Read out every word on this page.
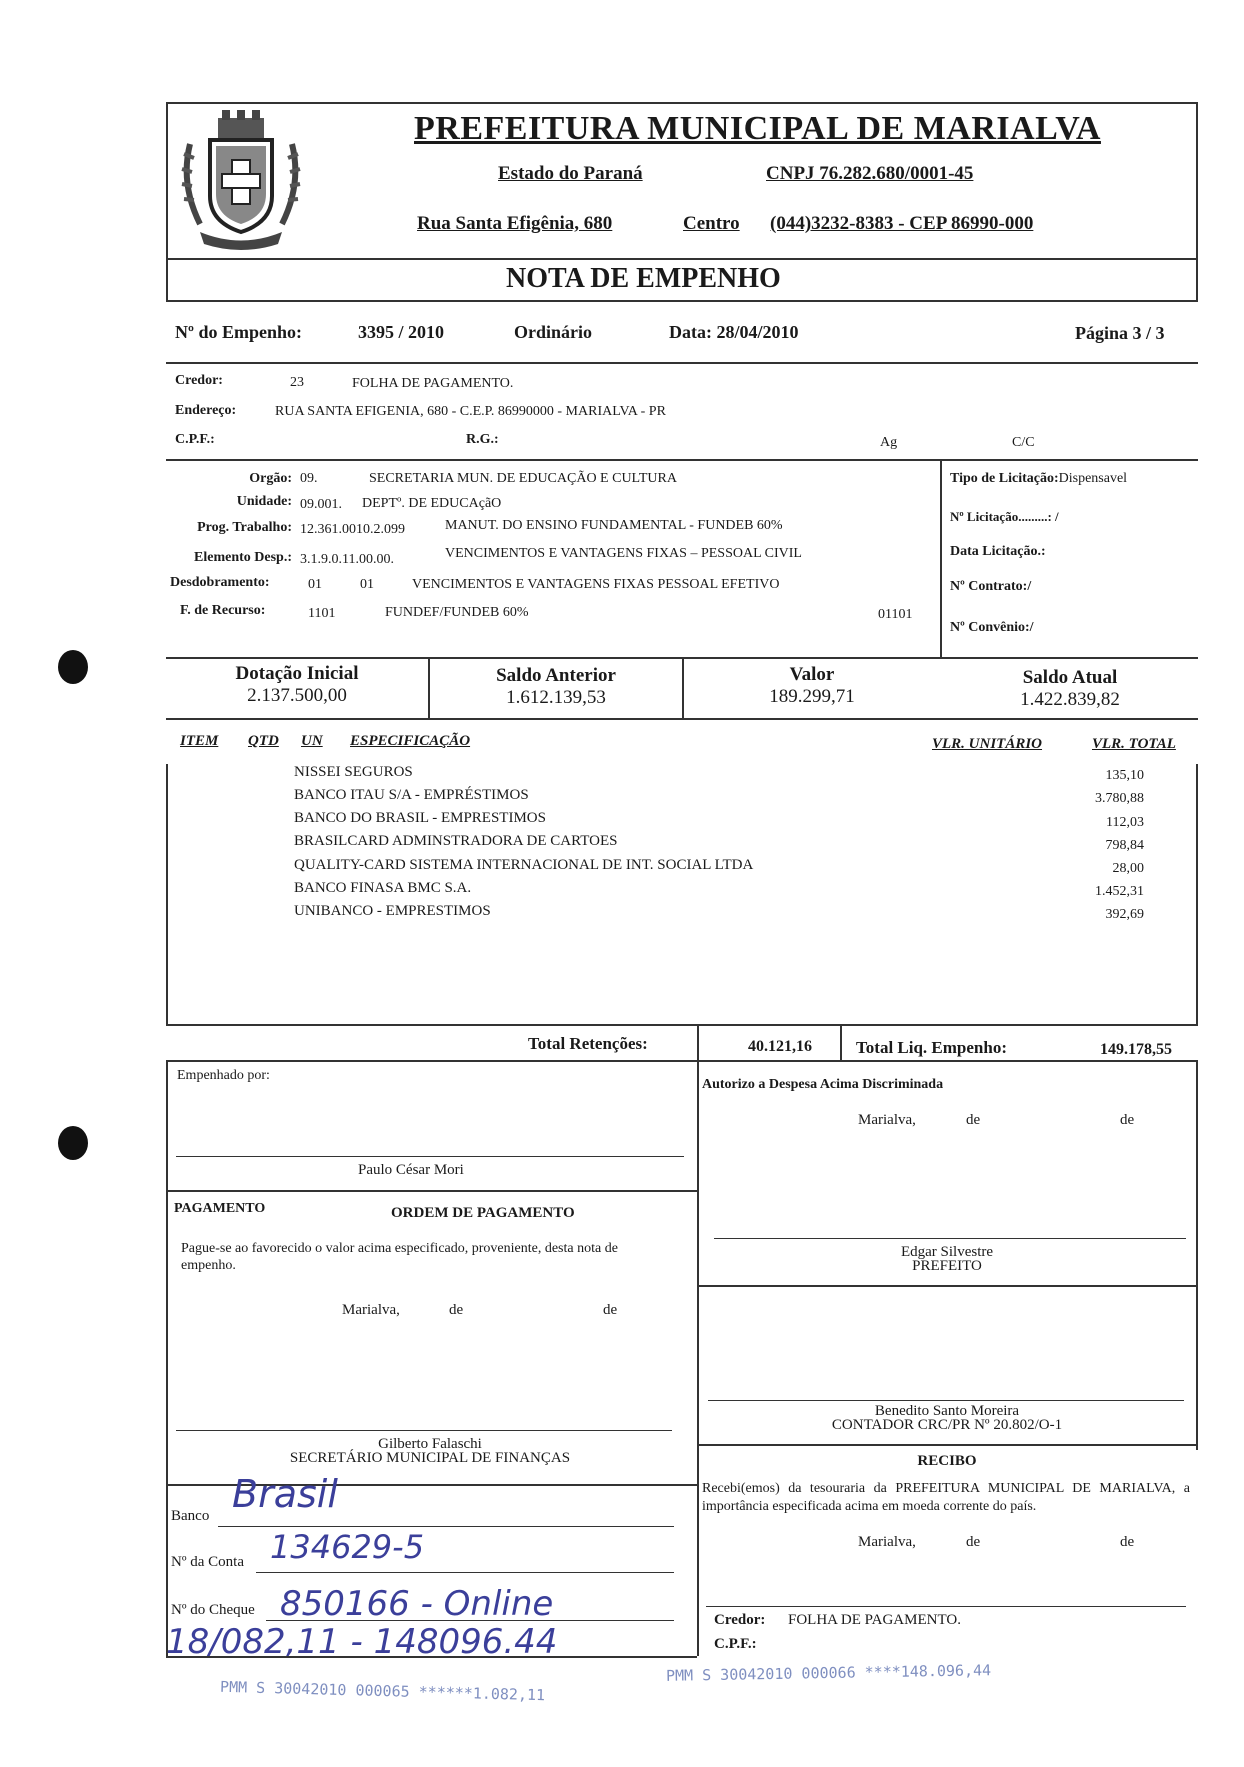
PREFEITURA MUNICIPAL DE MARIALVA
Estado do Paraná	CNPJ 76.282.680/0001-45
Rua Santa Efigênia, 680	Centro (044)3232-8383 - CEP 86990-000
NOTA DE EMPENHO
Nº do Empenho:	3395 / 2010	Ordinário	Data: 28/04/2010	Página 3 / 3
Credor:	23	FOLHA DE PAGAMENTO.
Endereço:	RUA SANTA EFIGENIA, 680 - C.E.P. 86990000 - MARIALVA - PR
C.P.F.:	R.G.:	Ag	C/C
Orgão: 09.	SECRETARIA MUN. DE EDUCAÇÃO E CULTURA
Unidade: 09.001. DEPTº. DE EDUCAçãO
Prog. Trabalho: 12.361.0010.2.099	MANUT. DO ENSINO FUNDAMENTAL - FUNDEB 60%
Elemento Desp.: 3.1.9.0.11.00.00.	VENCIMENTOS E VANTAGENS FIXAS – PESSOAL CIVIL
Desdobramento:	01	01	VENCIMENTOS E VANTAGENS FIXAS PESSOAL EFETIVO
F. de Recurso:	1101	FUNDEF/FUNDEB 60%	01101
Tipo de Licitação:Dispensavel
Nº Licitação.........: /
Data Licitação.:
Nº Contrato:/
Nº Convênio:/
Dotação Inicial
2.137.500,00
Saldo Anterior
1.612.139,53
Valor
189.299,71
Saldo Atual
1.422.839,82
ITEM QTD UN ESPECIFICAÇÃO	VLR. UNITÁRIO	VLR. TOTAL
NISSEI SEGUROS	135,10
BANCO ITAU S/A - EMPRÉSTIMOS	3.780,88
BANCO DO BRASIL - EMPRESTIMOS	112,03
BRASILCARD ADMINSTRADORA DE CARTOES	798,84
QUALITY-CARD SISTEMA INTERNACIONAL DE INT. SOCIAL LTDA	28,00
BANCO FINASA BMC S.A.	1.452,31
UNIBANCO - EMPRESTIMOS	392,69
Total Retenções:	40.121,16	Total Liq. Empenho:	149.178,55
Empenhado por:
Paulo César Mori
Autorizo a Despesa Acima Discriminada
Marialva,	de	de
Edgar Silvestre
PREFEITO
PAGAMENTO	ORDEM DE PAGAMENTO
Pague-se ao favorecido o valor acima especificado, proveniente, desta nota de empenho.
Marialva,	de	de
Gilberto Falaschi
SECRETÁRIO MUNICIPAL DE FINANÇAS
Benedito Santo Moreira
CONTADOR CRC/PR Nº 20.802/O-1
RECIBO
Recebi(emos) da tesouraria da PREFEITURA MUNICIPAL DE MARIALVA, a importância especificada acima em moeda corrente do país.
Marialva,	de	de
Credor: FOLHA DE PAGAMENTO.
C.P.F.:
Banco Brasil
Nº da Conta 134629-5
Nº do Cheque 850166 - Online
18/082,11 - 148096.44
PMM S 30042010 000065 ******1.082,11
PMM S 30042010 000066 ****148.096,44
